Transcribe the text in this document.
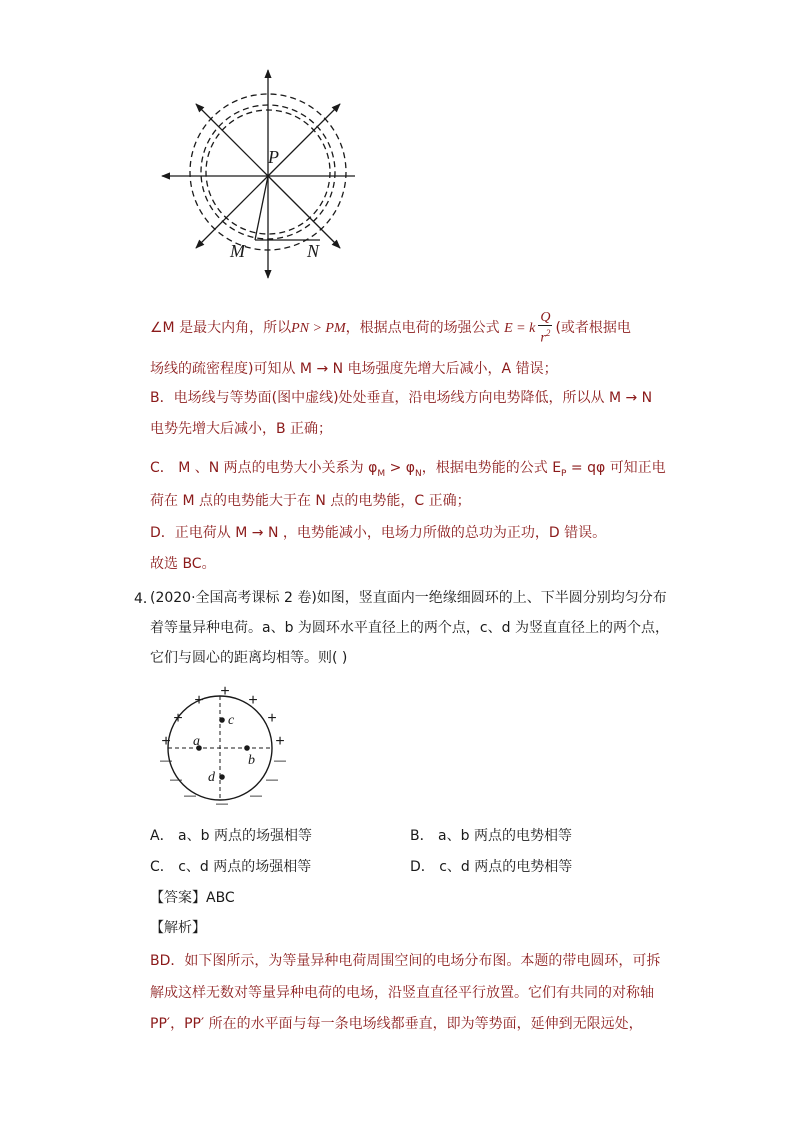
P
M	N
∠M 是最大内角，所以PN > PM，根据点电荷的场强公式 E = k $\frac{Q}{r^2}$ (或者根据电
场线的疏密程度)可知从 M → N 电场强度先增大后减小，A 错误；
B．电场线与等势面(图中虚线)处处垂直，沿电场线方向电势降低，所以从 M → N
电势先增大后减小，B 正确；
C． M 、N 两点的电势大小关系为 $\varphi_M > \varphi_N$，根据电势能的公式 $E_P = q\varphi$ 可知正电
荷在 M 点的电势能大于在 N 点的电势能，C 正确；
D．正电荷从 M → N ，电势能减小，电场力所做的总功为正功，D 错误。
故选 BC。
4．
(2020·全国高考课标 2 卷)如图，竖直面内一绝缘细圆环的上、下半圆分别均匀分布
着等量异种电荷。a、b 为圆环水平直径上的两个点，c、d 为竖直直径上的两个点，
它们与圆心的距离均相等。则( )
a
b
c
d
+
+	+
+	+
+	+
—	—
—	—
—	—
—
A． a、b 两点的场强相等	B． a、b 两点的电势相等
C． c、d 两点的场强相等	D． c、d 两点的电势相等
【答案】ABC
【解析】
BD．如下图所示，为等量异种电荷周围空间的电场分布图。本题的带电圆环，可拆
解成这样无数对等量异种电荷的电场，沿竖直直径平行放置。它们有共同的对称轴
PP′，PP′ 所在的水平面与每一条电场线都垂直，即为等势面，延伸到无限远处，
